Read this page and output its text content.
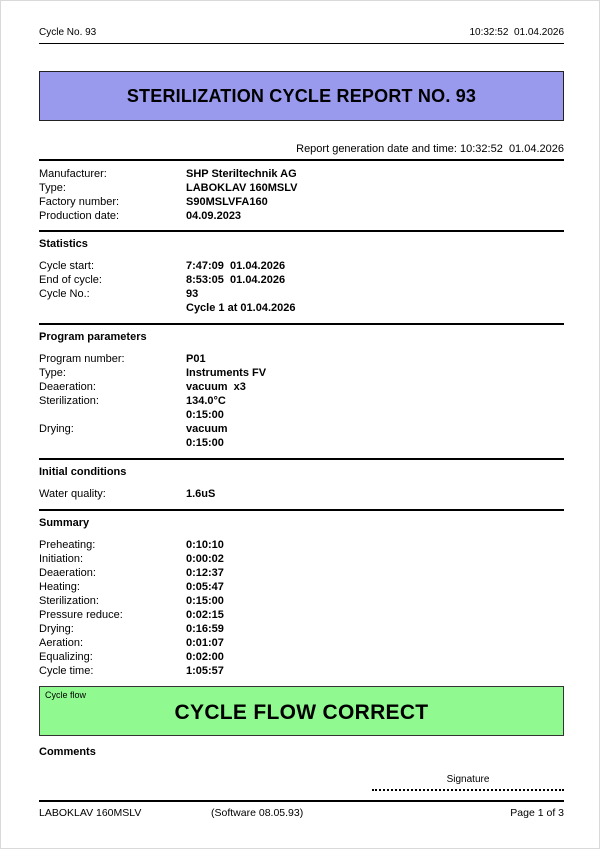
Cycle No. 93	10:32:52  01.04.2026
STERILIZATION CYCLE REPORT NO. 93
Report generation date and time: 10:32:52  01.04.2026
Manufacturer:	SHP Steriltechnik AG
Type:	LABOKLAV 160MSLV
Factory number:	S90MSLVFA160
Production date:	04.09.2023
Statistics
Cycle start:	7:47:09  01.04.2026
End of cycle:	8:53:05  01.04.2026
Cycle No.:	93
Cycle 1 at 01.04.2026
Program parameters
Program number:	P01
Type:	Instruments FV
Deaeration:	vacuum  x3
Sterilization:	134.0°C
0:15:00
Drying:	vacuum
0:15:00
Initial conditions
Water quality:	1.6uS
Summary
Preheating:	0:10:10
Initiation:	0:00:02
Deaeration:	0:12:37
Heating:	0:05:47
Sterilization:	0:15:00
Pressure reduce:	0:02:15
Drying:	0:16:59
Aeration:	0:01:07
Equalizing:	0:02:00
Cycle time:	1:05:57
Cycle flow
CYCLE FLOW CORRECT
Comments
Signature
LABOKLAV 160MSLV	(Software 08.05.93)	Page 1 of 3
